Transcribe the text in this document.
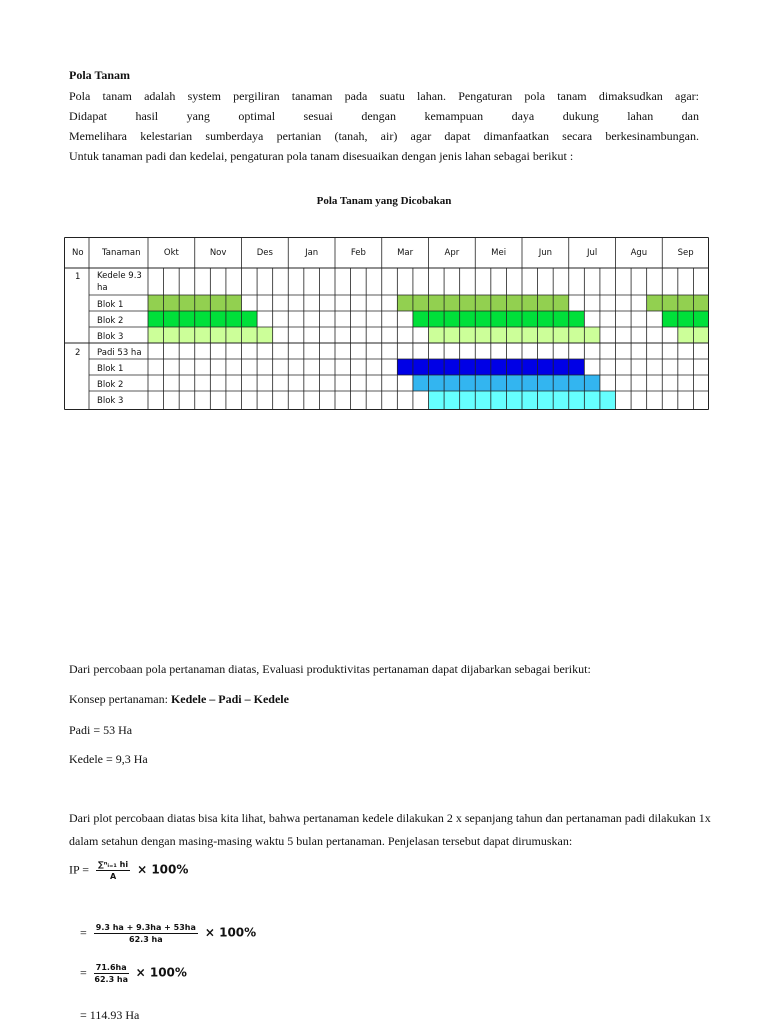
Pola Tanam
Pola tanam adalah system pergiliran tanaman pada suatu lahan. Pengaturan pola tanam dimaksudkan agar:
Didapat hasil yang optimal sesuai dengan kemampuan daya dukung lahan dan
Memelihara kelestarian sumberdaya pertanian (tanah, air) agar dapat dimanfaatkan secara berkesinambungan.
Untuk tanaman padi dan kedelai, pengaturan pola tanam disesuaikan dengan jenis lahan sebagai berikut :
Pola Tanam yang Dicobakan
No Tanaman	Okt	Nov	Des	Jan	Feb	Mar	Apr	Mei	Jun	Jul	Agu	Sep
1 Kedele 9.3
ha
Blok 1
Blok 2
Blok 3
2 Padi 53 ha
Blok 1
Blok 2
Blok 3
Dari percobaan pola pertanaman diatas, Evaluasi produktivitas pertanaman dapat dijabarkan sebagai berikut:
Konsep pertanaman: Kedele – Padi – Kedele
Padi = 53 Ha
Kedele = 9,3 Ha
Dari plot percobaan diatas bisa kita lihat, bahwa pertanaman kedele dilakukan 2 x sepanjang tahun dan pertanaman padi dilakukan 1x
dalam setahun dengan masing-masing waktu 5 bulan pertanaman. Penjelasan tersebut dapat dirumuskan:
IP = $\frac{\text{∑ⁿᵢ₌₁ hi}}{A} \times 100\%$
= $\frac{9.3 ha + 9.3ha + 53ha}{62.3 ha} \times 100\%$
= $\frac{71.6ha}{62.3 ha} \times 100\%$
= 114.93 Ha
